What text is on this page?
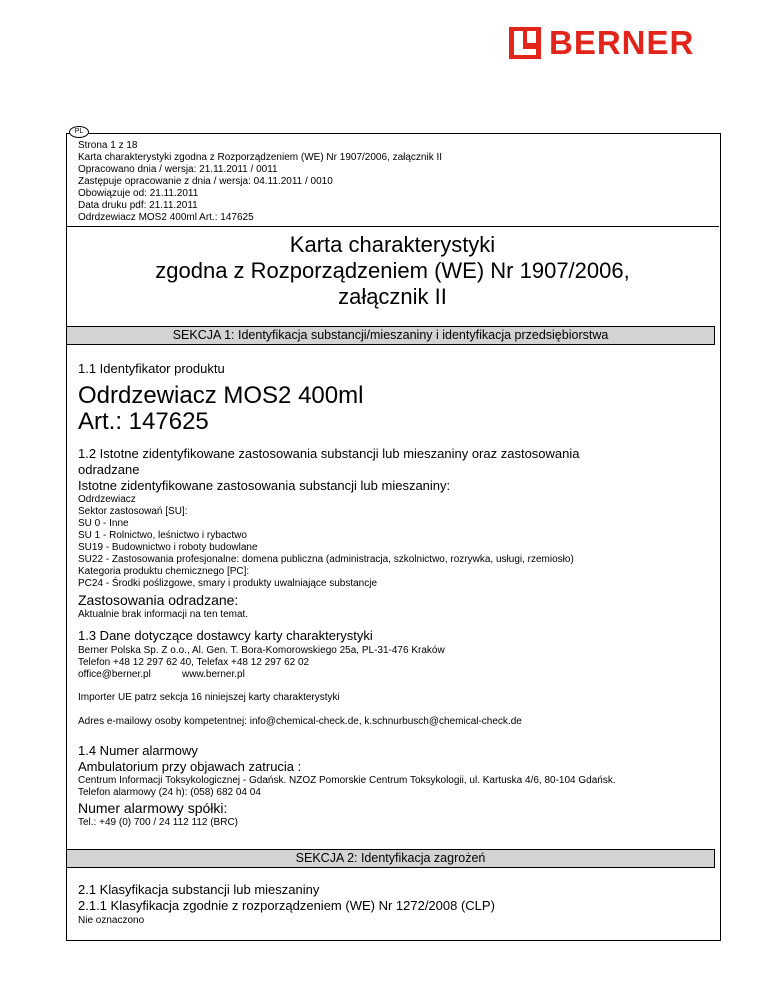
BERNER
PL
Strona 1 z 18
Karta charakterystyki zgodna z Rozporządzeniem (WE) Nr 1907/2006, załącznik II
Opracowano dnia / wersja: 21.11.2011 / 0011
Zastępuje opracowanie z dnia / wersja: 04.11.2011 / 0010
Obowiązuje od: 21.11.2011
Data druku pdf: 21.11.2011
Odrdzewiacz MOS2 400ml Art.: 147625
Karta charakterystyki
zgodna z Rozporządzeniem (WE) Nr 1907/2006,
załącznik II
SEKCJA 1: Identyfikacja substancji/mieszaniny i identyfikacja przedsiębiorstwa
1.1 Identyfikator produktu
Odrdzewiacz MOS2 400ml
Art.: 147625
1.2 Istotne zidentyfikowane zastosowania substancji lub mieszaniny oraz zastosowania
odradzane
Istotne zidentyfikowane zastosowania substancji lub mieszaniny:
Odrdzewiacz
Sektor zastosowań [SU]:
SU 0 - Inne
SU 1 - Rolnictwo, leśnictwo i rybactwo
SU19 - Budownictwo i roboty budowlane
SU22 - Zastosowania profesjonalne: domena publiczna (administracja, szkolnictwo, rozrywka, usługi, rzemiosło)
Kategoria produktu chemicznego [PC]:
PC24 - Środki poślizgowe, smary i produkty uwalniające substancje
Zastosowania odradzane:
Aktualnie brak informacji na ten temat.
1.3 Dane dotyczące dostawcy karty charakterystyki
Berner Polska Sp. Z o.o., Al. Gen. T. Bora-Komorowskiego 25a, PL-31-476 Kraków
Telefon +48 12 297 62 40, Telefax +48 12 297 62 02
office@berner.pl	www.berner.pl
Importer UE patrz sekcja 16 niniejszej karty charakterystyki
Adres e-mailowy osoby kompetentnej: info@chemical-check.de, k.schnurbusch@chemical-check.de
1.4 Numer alarmowy
Ambulatorium przy objawach zatrucia :
Centrum Informacji Toksykologicznej - Gdańsk. NZOZ Pomorskie Centrum Toksykologii, ul. Kartuska 4/6, 80-104 Gdańsk.
Telefon alarmowy (24 h): (058) 682 04 04
Numer alarmowy spółki:
Tel.: +49 (0) 700 / 24 112 112 (BRC)
SEKCJA 2: Identyfikacja zagrożeń
2.1 Klasyfikacja substancji lub mieszaniny
2.1.1 Klasyfikacja zgodnie z rozporządzeniem (WE) Nr 1272/2008 (CLP)
Nie oznaczono
